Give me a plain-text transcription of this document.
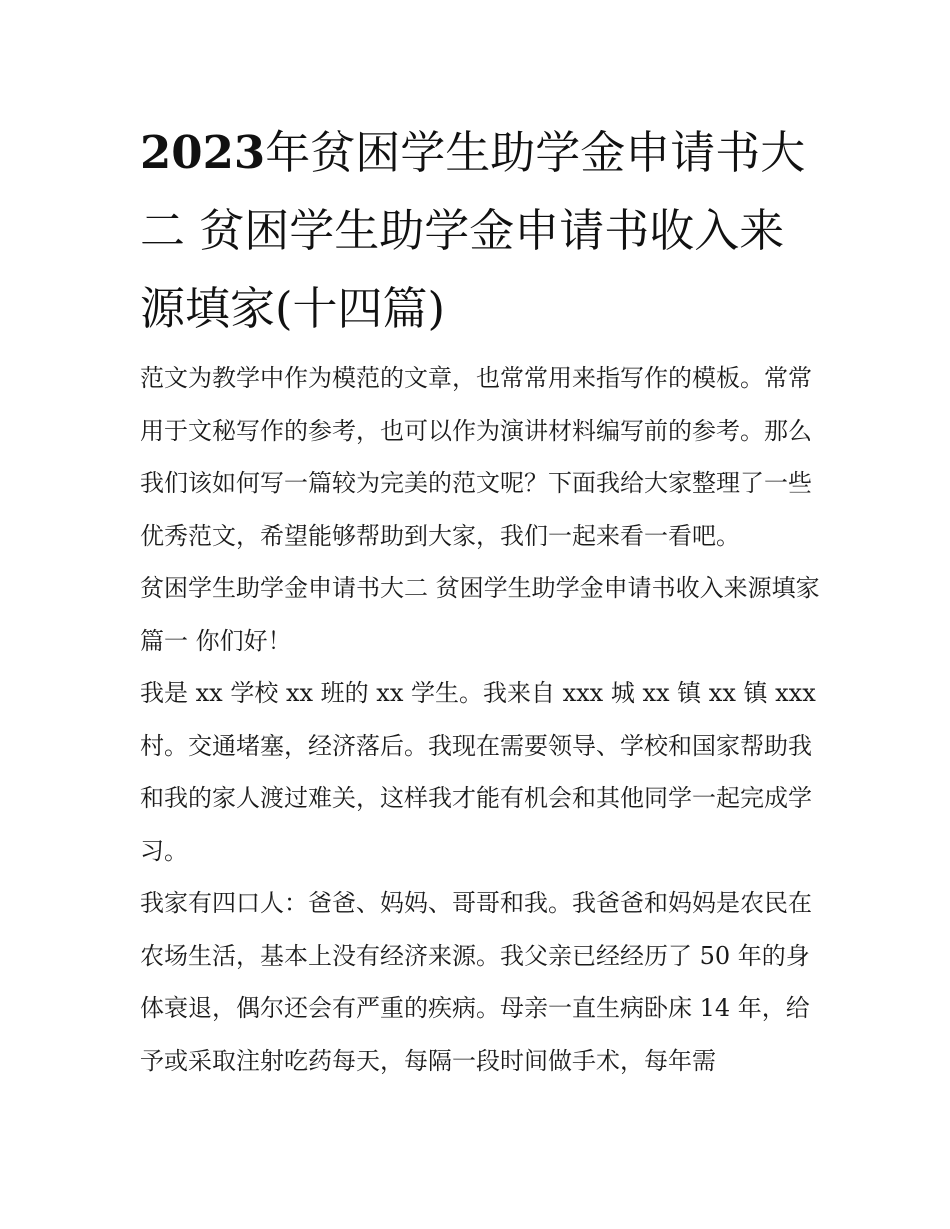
2023年贫困学生助学金申请书大二 贫困学生助学金申请书收入来源填家(十四篇)

范文为教学中作为模范的文章，也常常用来指写作的模板。常常用于文秘写作的参考，也可以作为演讲材料编写前的参考。那么我们该如何写一篇较为完美的范文呢？下面我给大家整理了一些优秀范文，希望能够帮助到大家，我们一起来看一看吧。

贫困学生助学金申请书大二 贫困学生助学金申请书收入来源填家篇一 你们好！

我是 xx 学校 xx 班的 xx 学生。我来自 xxx 城 xx 镇 xx 镇 xxx 村。交通堵塞，经济落后。我现在需要领导、学校和国家帮助我和我的家人渡过难关，这样我才能有机会和其他同学一起完成学习。

我家有四口人：爸爸、妈妈、哥哥和我。我爸爸和妈妈是农民在农场生活，基本上没有经济来源。我父亲已经经历了 50 年的身体衰退，偶尔还会有严重的疾病。母亲一直生病卧床 14 年，给予或采取注射吃药每天，每隔一段时间做手术，每年需
